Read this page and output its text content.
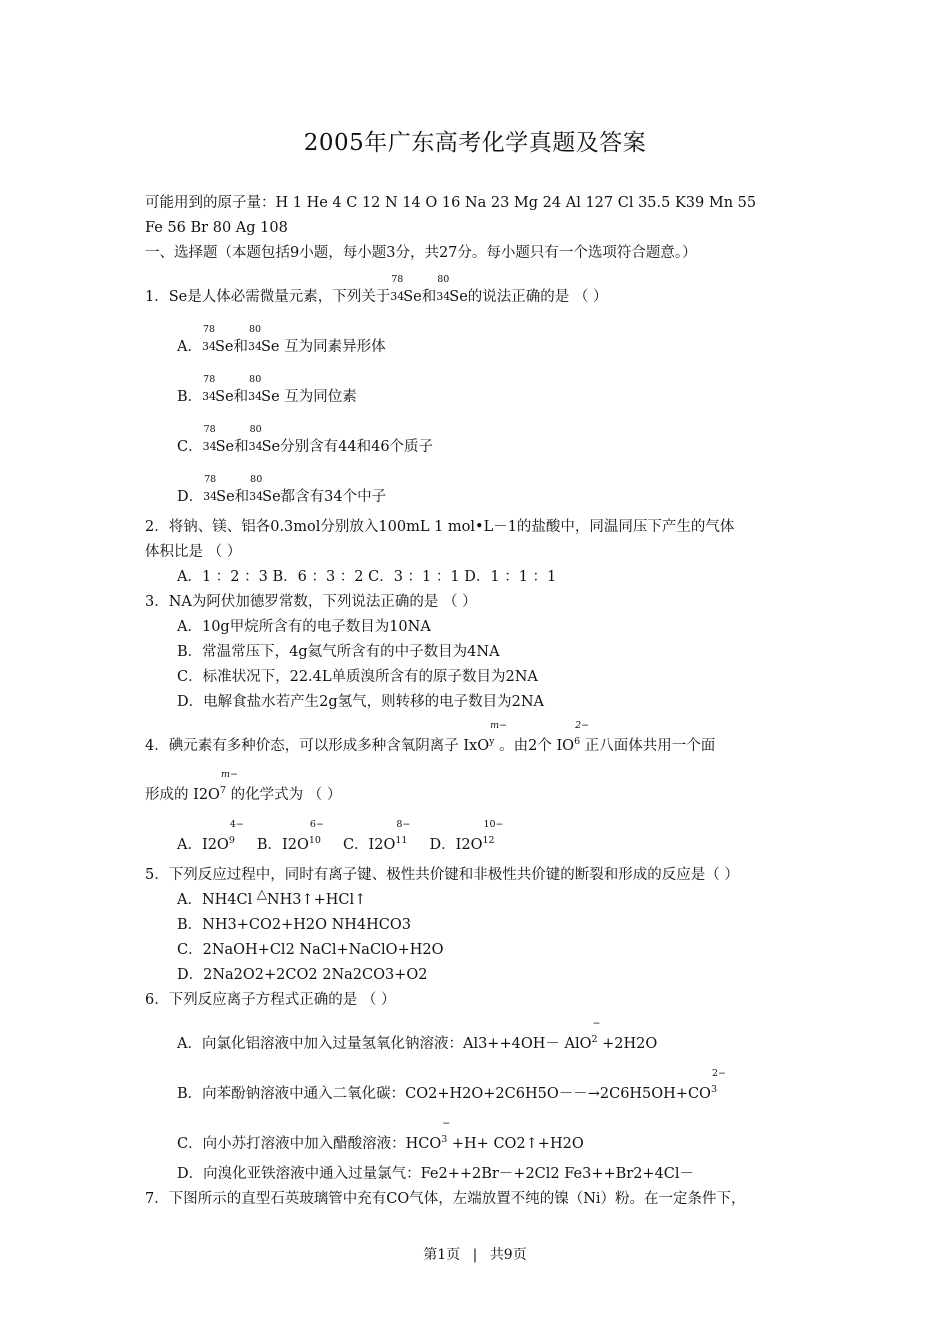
2005年广东高考化学真题及答案
可能用到的原子量：H 1 He 4 C 12 N 14 O 16 Na 23 Mg 24 Al 127 Cl 35.5 K39 Mn 55
Fe 56 Br 80 Ag 108
一、选择题（本题包括9小题，每小题3分，共27分。每小题只有一个选项符合题意。）
1．Se是人体必需微量元素，下列关于
78
34 Se和
80
34 Se的说法正确的是 （ ）
A．
78
34 Se和
80
34 Se 互为同素异形体
B．
78
34 Se和
80
34 Se 互为同位素
C．
78
34 Se和
80
34 Se分别含有44和46个质子
D．
78
34 Se和
80
34 Se都含有34个中子
2．将钠、镁、铝各0.3mol分别放入100mL 1 mol•L－1的盐酸中，同温同压下产生的气体
体积比是 （ ）
A．1 ：2 ：3 B．6 ：3 ：2 C．3 ：1 ：1 D．1 ：1 ：1
3．NA为阿伏加德罗常数，下列说法正确的是 （ ）
A．10g甲烷所含有的电子数目为10NA
B．常温常压下，4g氦气所含有的中子数目为4NA
C．标准状况下，22.4L单质溴所含有的原子数目为2NA
D．电解食盐水若产生2g氢气，则转移的电子数目为2NA
4．碘元素有多种价态，可以形成多种含氧阴离子 IxO
m−
$^y$ 。由2个 IO
2−
$^6$ 正八面体共用一个面
形成的 I2O
m−
$^7$ 的化学式为 （ ）
A．I2O
4−
$^9$ B．I2O
6−
$^{10}$ C．I2O
8−
$^{11}$ D．I2O
10−
$^{12}$
5．下列反应过程中，同时有离子键、极性共价键和非极性共价键的断裂和形成的反应是（ ）
A．NH4Cl △NH3↑+HCl↑
B．NH3+CO2+H2O NH4HCO3
C．2NaOH+Cl2 NaCl+NaClO+H2O
D．2Na2O2+2CO2 2Na2CO3+O2
6．下列反应离子方程式正确的是 （ ）
A．向氯化铝溶液中加入过量氢氧化钠溶液：Al3++4OH－ AlO
−
$^2$ +2H2O
B．向苯酚钠溶液中通入二氧化碳：CO2+H2O+2C6H5O－－→2C6H5OH+CO
2−
$^3$
C．向小苏打溶液中加入醋酸溶液：HCO
−
$^3$ +H+ CO2↑+H2O
D．向溴化亚铁溶液中通入过量氯气：Fe2++2Br－+2Cl2 Fe3++Br2+4Cl－
7．下图所示的直型石英玻璃管中充有CO气体，左端放置不纯的镍（Ni）粉。在一定条件下，
第1页 | 共9页
